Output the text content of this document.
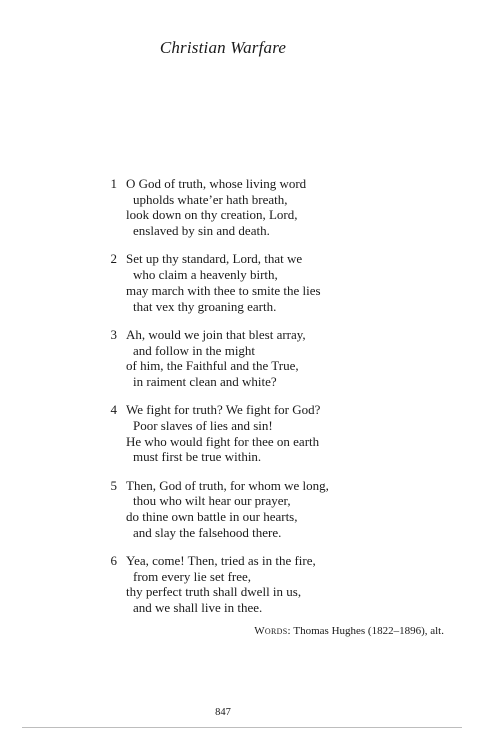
Christian Warfare
1 O God of truth, whose living word
upholds whate’er hath breath,
look down on thy creation, Lord,
enslaved by sin and death.
2 Set up thy standard, Lord, that we
who claim a heavenly birth,
may march with thee to smite the lies
that vex thy groaning earth.
3 Ah, would we join that blest array,
and follow in the might
of him, the Faithful and the True,
in raiment clean and white?
4 We fight for truth? We fight for God?
Poor slaves of lies and sin!
He who would fight for thee on earth
must first be true within.
5 Then, God of truth, for whom we long,
thou who wilt hear our prayer,
do thine own battle in our hearts,
and slay the falsehood there.
6 Yea, come! Then, tried as in the fire,
from every lie set free,
thy perfect truth shall dwell in us,
and we shall live in thee.
Words: Thomas Hughes (1822–1896), alt.
847
